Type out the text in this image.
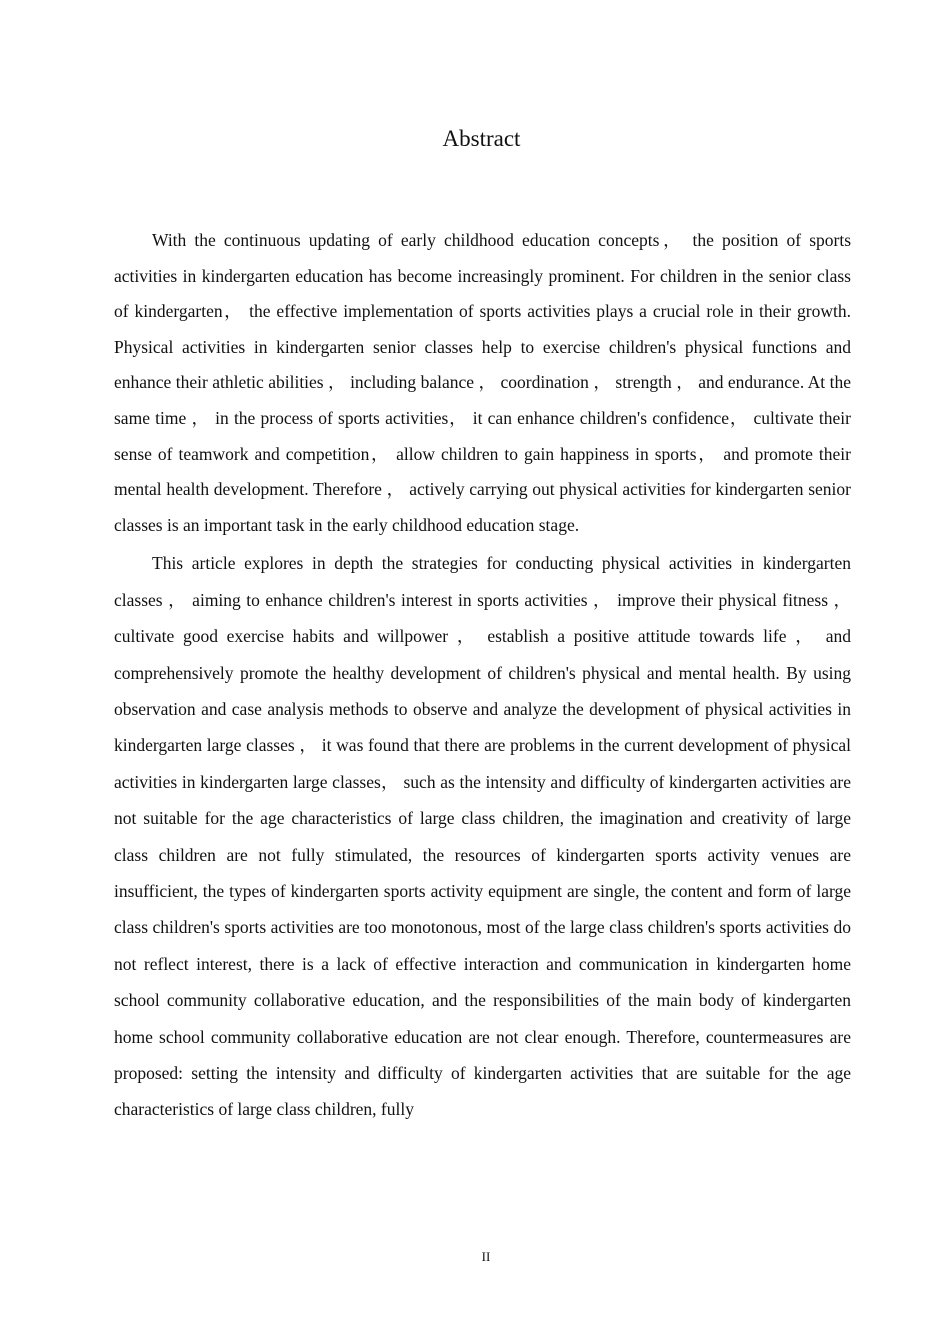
Abstract

With the continuous updating of early childhood education concepts， the position of sports activities in kindergarten education has become increasingly prominent. For children in the senior class of kindergarten， the effective implementation of sports activities plays a crucial role in their growth. Physical activities in kindergarten senior classes help to exercise children's physical functions and enhance their athletic abilities ， including balance ， coordination ， strength ， and endurance. At the same time ， in the process of sports activities， it can enhance children's confidence， cultivate their sense of teamwork and competition， allow children to gain happiness in sports， and promote their mental health development. Therefore ， actively carrying out physical activities for kindergarten senior classes is an important task in the early childhood education stage.

This article explores in depth the strategies for conducting physical activities in kindergarten classes ， aiming to enhance children's interest in sports activities ， improve their physical fitness ， cultivate good exercise habits and willpower ， establish a positive attitude towards life ， and comprehensively promote the healthy development of children's physical and mental health. By using observation and case analysis methods to observe and analyze the development of physical activities in kindergarten large classes ， it was found that there are problems in the current development of physical activities in kindergarten large classes， such as the intensity and difficulty of kindergarten activities are not suitable for the age characteristics of large class children, the imagination and creativity of large class children are not fully stimulated, the resources of kindergarten sports activity venues are insufficient, the types of kindergarten sports activity equipment are single, the content and form of large class children's sports activities are too monotonous, most of the large class children's sports activities do not reflect interest, there is a lack of effective interaction and communication in kindergarten home school community collaborative education, and the responsibilities of the main body of kindergarten home school community collaborative education are not clear enough. Therefore, countermeasures are proposed: setting the intensity and difficulty of kindergarten activities that are suitable for the age characteristics of large class children, fully

II
